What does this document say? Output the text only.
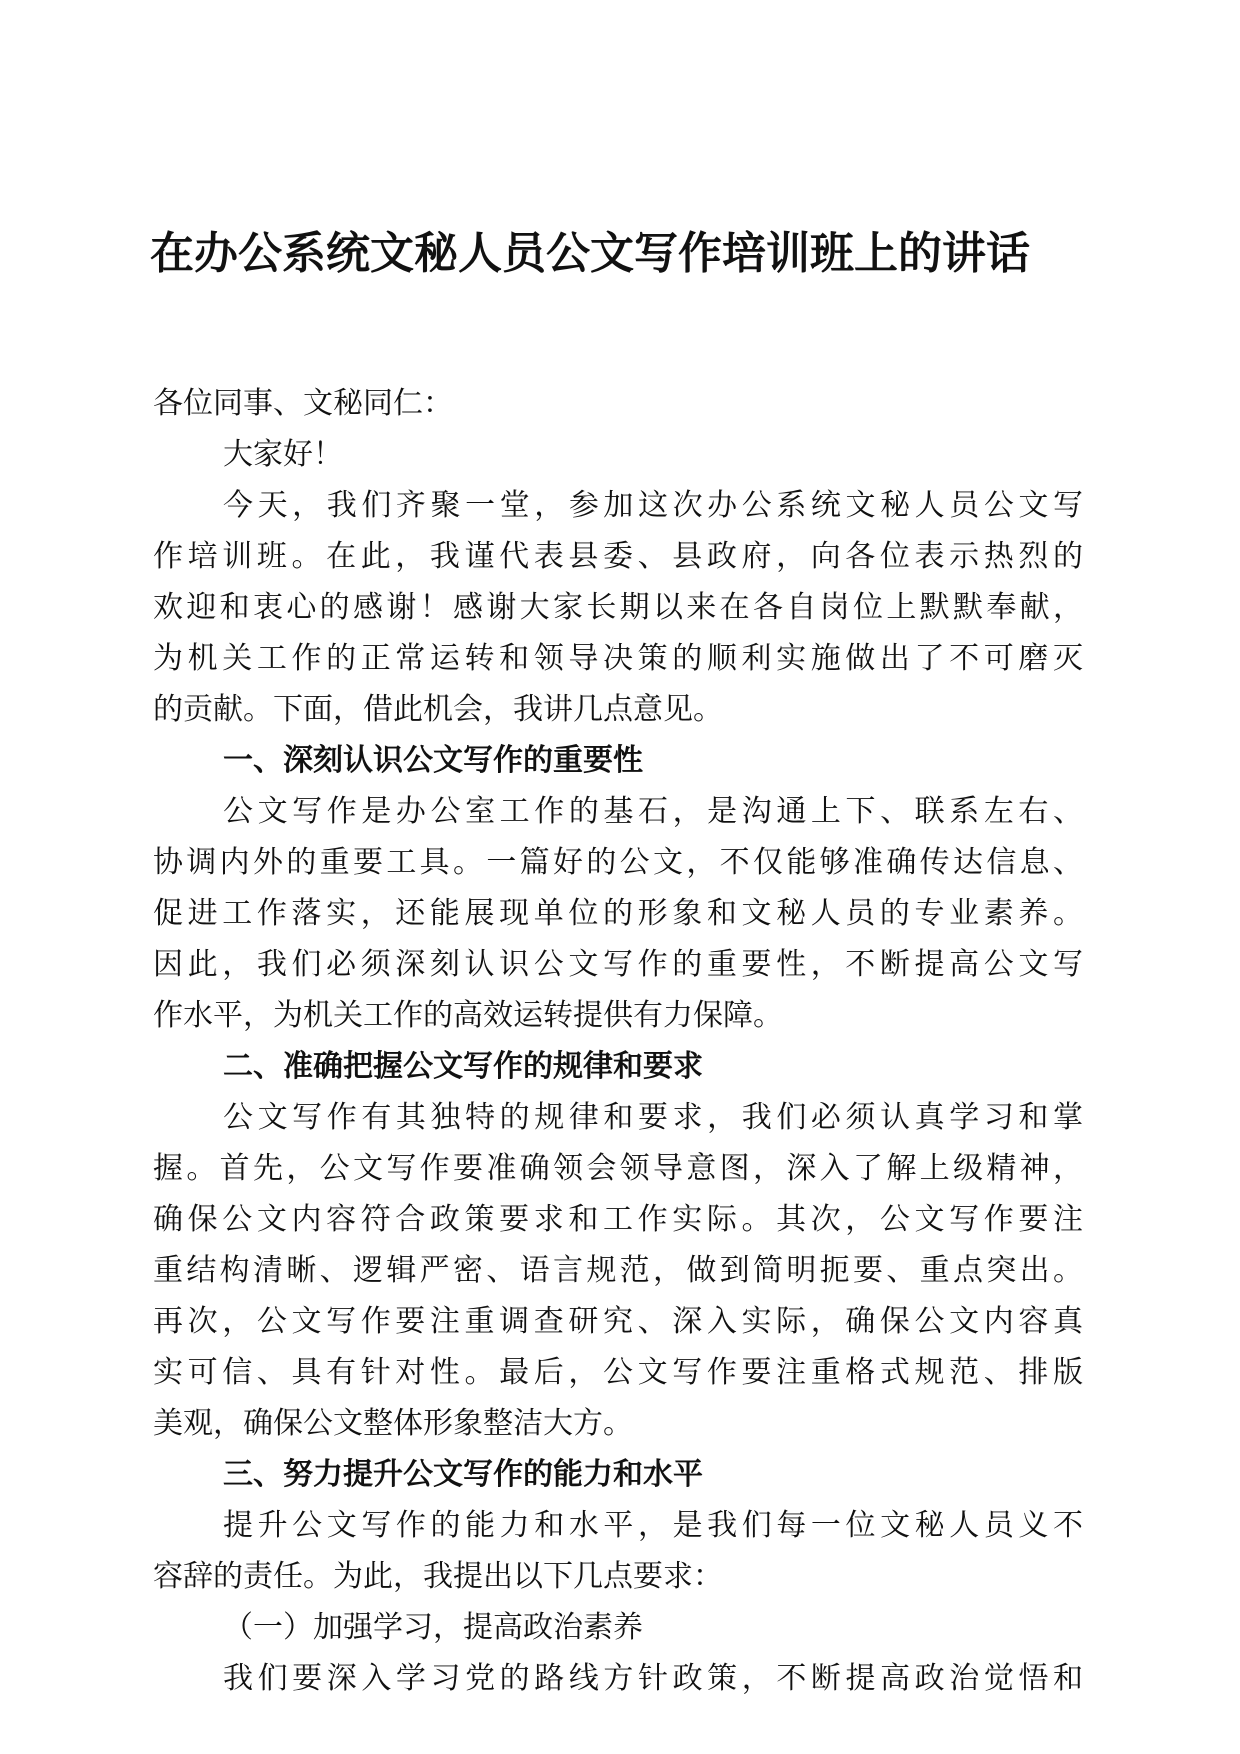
在办公系统文秘人员公文写作培训班上的讲话
各位同事、文秘同仁：
大家好！
今天，我们齐聚一堂，参加这次办公系统文秘人员公文写
作培训班。在此，我谨代表县委、县政府，向各位表示热烈的
欢迎和衷心的感谢！感谢大家长期以来在各自岗位上默默奉献，
为机关工作的正常运转和领导决策的顺利实施做出了不可磨灭
的贡献。下面，借此机会，我讲几点意见。
一、深刻认识公文写作的重要性
公文写作是办公室工作的基石，是沟通上下、联系左右、
协调内外的重要工具。一篇好的公文，不仅能够准确传达信息、
促进工作落实，还能展现单位的形象和文秘人员的专业素养。
因此，我们必须深刻认识公文写作的重要性，不断提高公文写
作水平，为机关工作的高效运转提供有力保障。
二、准确把握公文写作的规律和要求
公文写作有其独特的规律和要求，我们必须认真学习和掌
握。首先，公文写作要准确领会领导意图，深入了解上级精神，
确保公文内容符合政策要求和工作实际。其次，公文写作要注
重结构清晰、逻辑严密、语言规范，做到简明扼要、重点突出。
再次，公文写作要注重调查研究、深入实际，确保公文内容真
实可信、具有针对性。最后，公文写作要注重格式规范、排版
美观，确保公文整体形象整洁大方。
三、努力提升公文写作的能力和水平
提升公文写作的能力和水平，是我们每一位文秘人员义不
容辞的责任。为此，我提出以下几点要求：
（一）加强学习，提高政治素养
我们要深入学习党的路线方针政策，不断提高政治觉悟和
